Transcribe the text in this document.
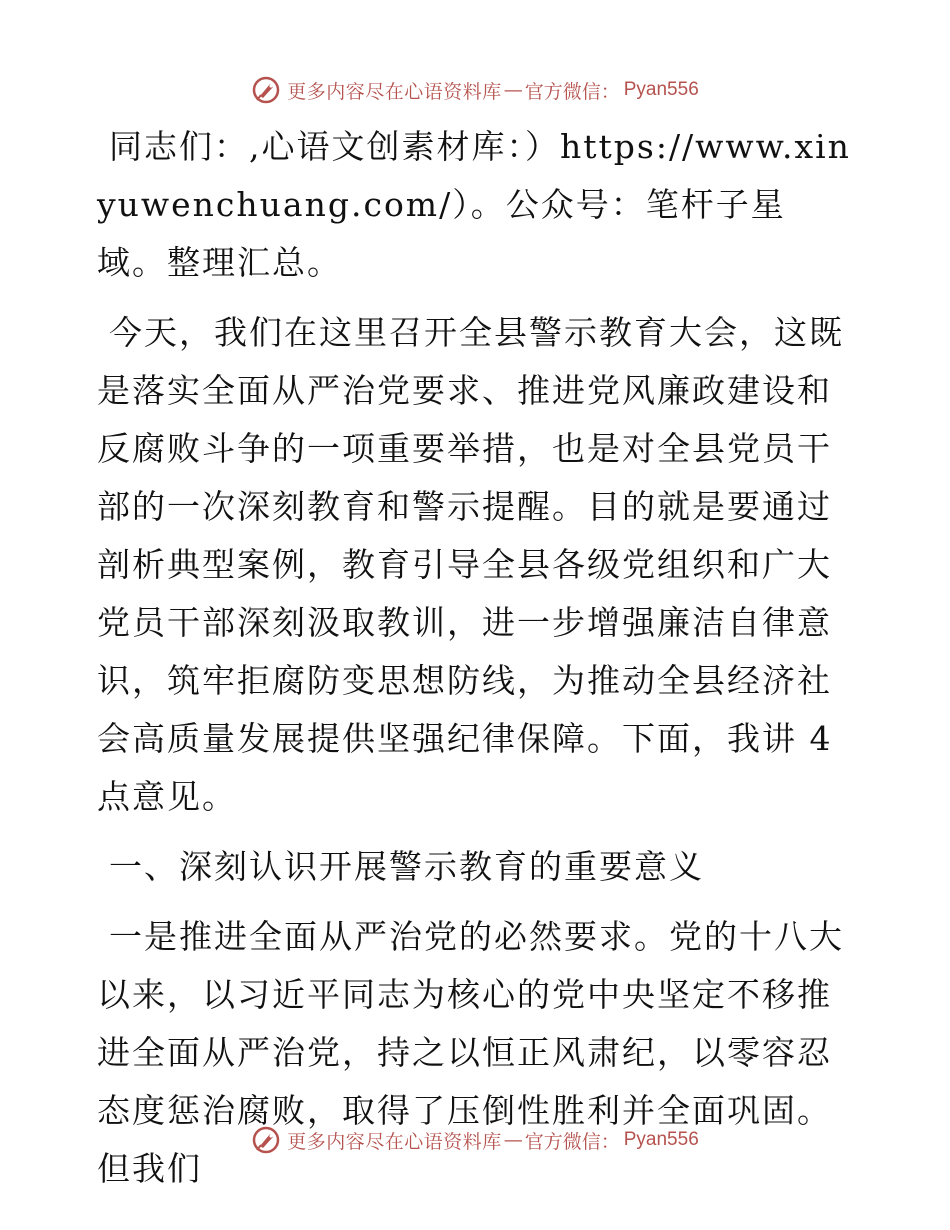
更多内容尽在心语资料库 — 官方微信： Pyan556

同志们：,心语文创素材库：）https://www.xinyuwenchuang.com/）。公众号：笔杆子星域。整理汇总。

今天，我们在这里召开全县警示教育大会，这既是落实全面从严治党要求、推进党风廉政建设和反腐败斗争的一项重要举措，也是对全县党员干部的一次深刻教育和警示提醒。目的就是要通过剖析典型案例，教育引导全县各级党组织和广大党员干部深刻汲取教训，进一步增强廉洁自律意识，筑牢拒腐防变思想防线，为推动全县经济社会高质量发展提供坚强纪律保障。下面，我讲 4 点意见。

一、深刻认识开展警示教育的重要意义

一是推进全面从严治党的必然要求。党的十八大以来，以习近平同志为核心的党中央坚定不移推进全面从严治党，持之以恒正风肃纪，以零容忍态度惩治腐败，取得了压倒性胜利并全面巩固。但我们

更多内容尽在心语资料库 — 官方微信： Pyan556
